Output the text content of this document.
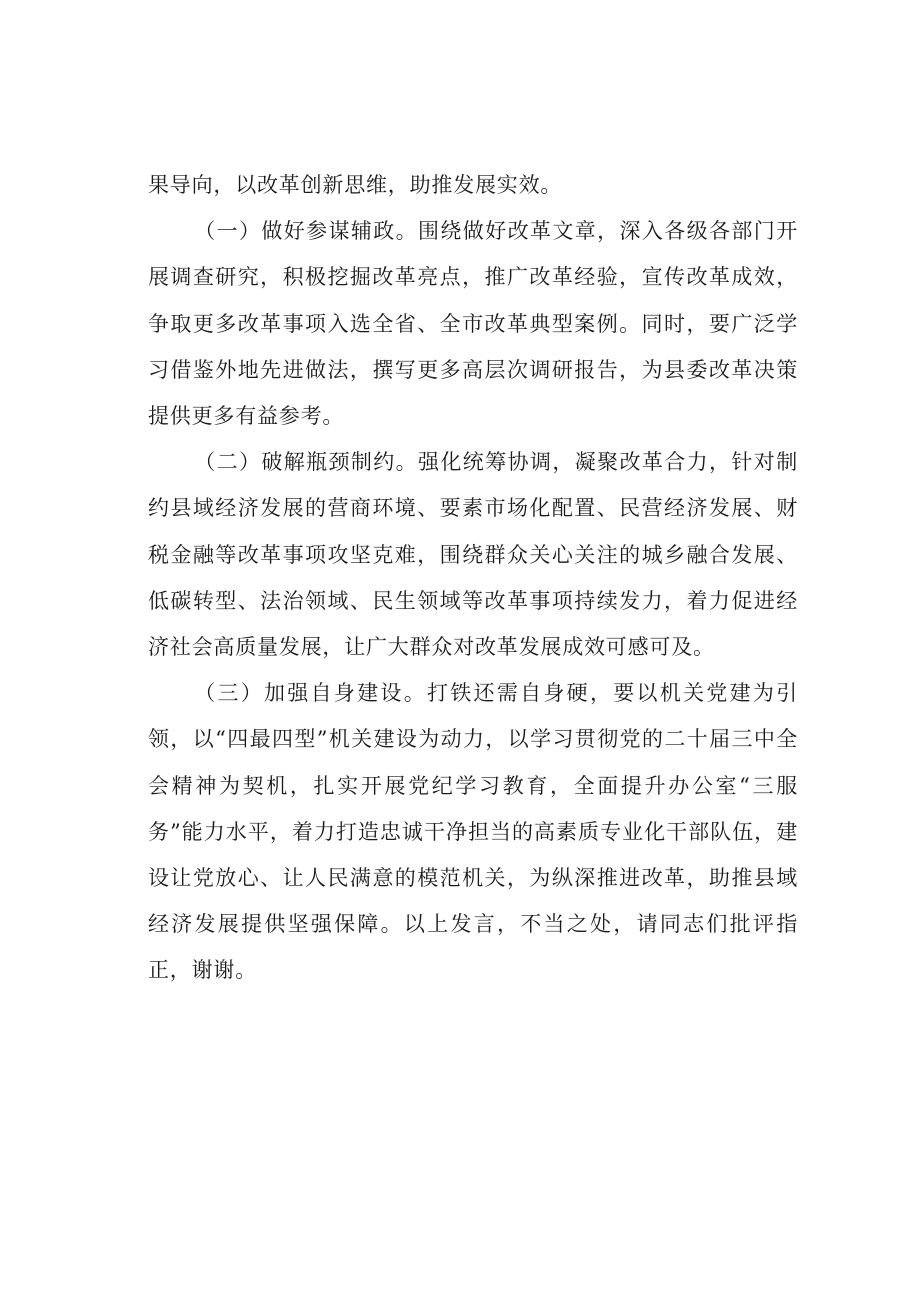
果导向，以改革创新思维，助推发展实效。

（一）做好参谋辅政。围绕做好改革文章，深入各级各部门开展调查研究，积极挖掘改革亮点，推广改革经验，宣传改革成效，争取更多改革事项入选全省、全市改革典型案例。同时，要广泛学习借鉴外地先进做法，撰写更多高层次调研报告，为县委改革决策提供更多有益参考。

（二）破解瓶颈制约。强化统筹协调，凝聚改革合力，针对制约县域经济发展的营商环境、要素市场化配置、民营经济发展、财税金融等改革事项攻坚克难，围绕群众关心关注的城乡融合发展、低碳转型、法治领域、民生领域等改革事项持续发力，着力促进经济社会高质量发展，让广大群众对改革发展成效可感可及。

（三）加强自身建设。打铁还需自身硬，要以机关党建为引领，以“四最四型”机关建设为动力，以学习贯彻党的二十届三中全会精神为契机，扎实开展党纪学习教育，全面提升办公室“三服务”能力水平，着力打造忠诚干净担当的高素质专业化干部队伍，建设让党放心、让人民满意的模范机关，为纵深推进改革，助推县域经济发展提供坚强保障。以上发言，不当之处，请同志们批评指正，谢谢。
